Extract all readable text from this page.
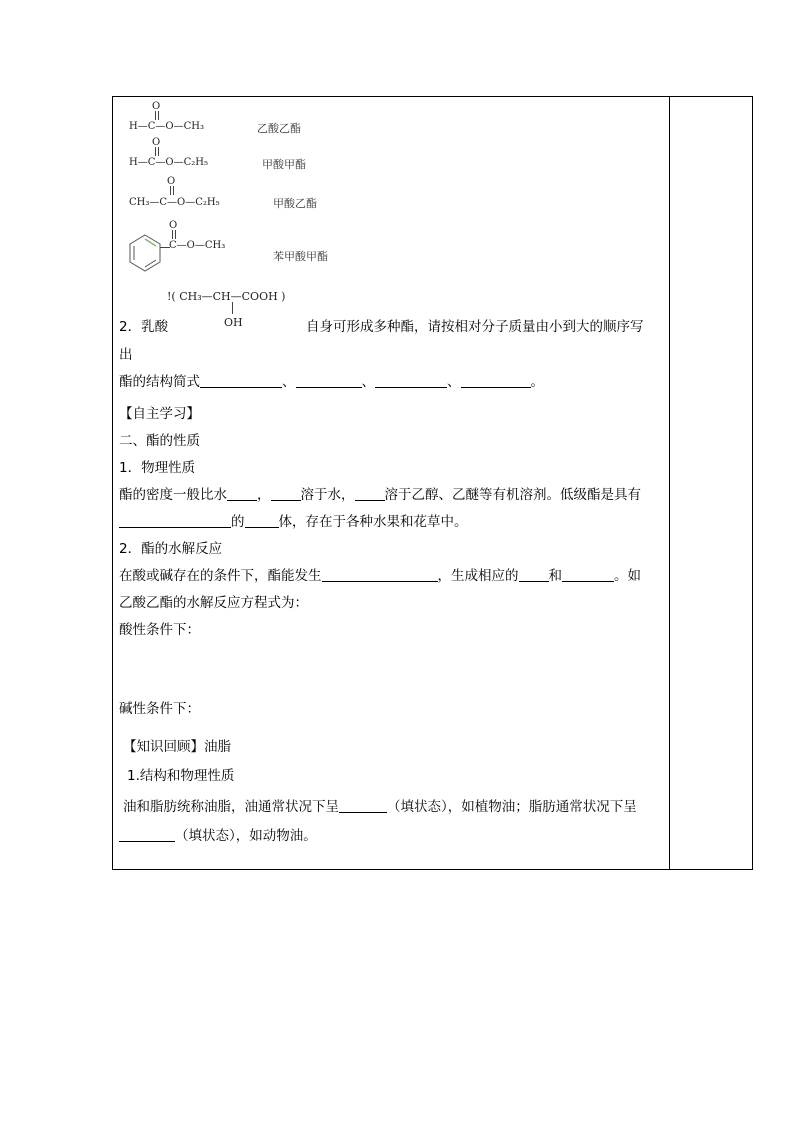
O
H—C—O—CH₃	乙酸乙酯
O
H—C—O—C₂H₅	甲酸甲酯
O
CH₃—C—O—C₂H₅	甲酸乙酯
O
C—O—CH₃
苯甲酸甲酯
!( CH₃—CH—COOH )
OH
2．乳酸	自身可形成多种酯，请按相对分子质量由小到大的顺序写
出
酯的结构简式	、	、	、	。
【自主学习】
二、酯的性质
1．物理性质
酯的密度一般比水 ， 溶于水， 溶于乙醇、乙醚等有机溶剂。低级酯是具有
的	体，存在于各种水果和花草中。
2．酯的水解反应
在酸或碱存在的条件下，酯能发生	，生成相应的 和	。如
乙酸乙酯的水解反应方程式为：
酸性条件下：
碱性条件下：
【知识回顾】油脂
1.结构和物理性质
油和脂肪统称油脂，油通常状况下呈	（填状态），如植物油；脂肪通常状况下呈
（填状态），如动物油。
